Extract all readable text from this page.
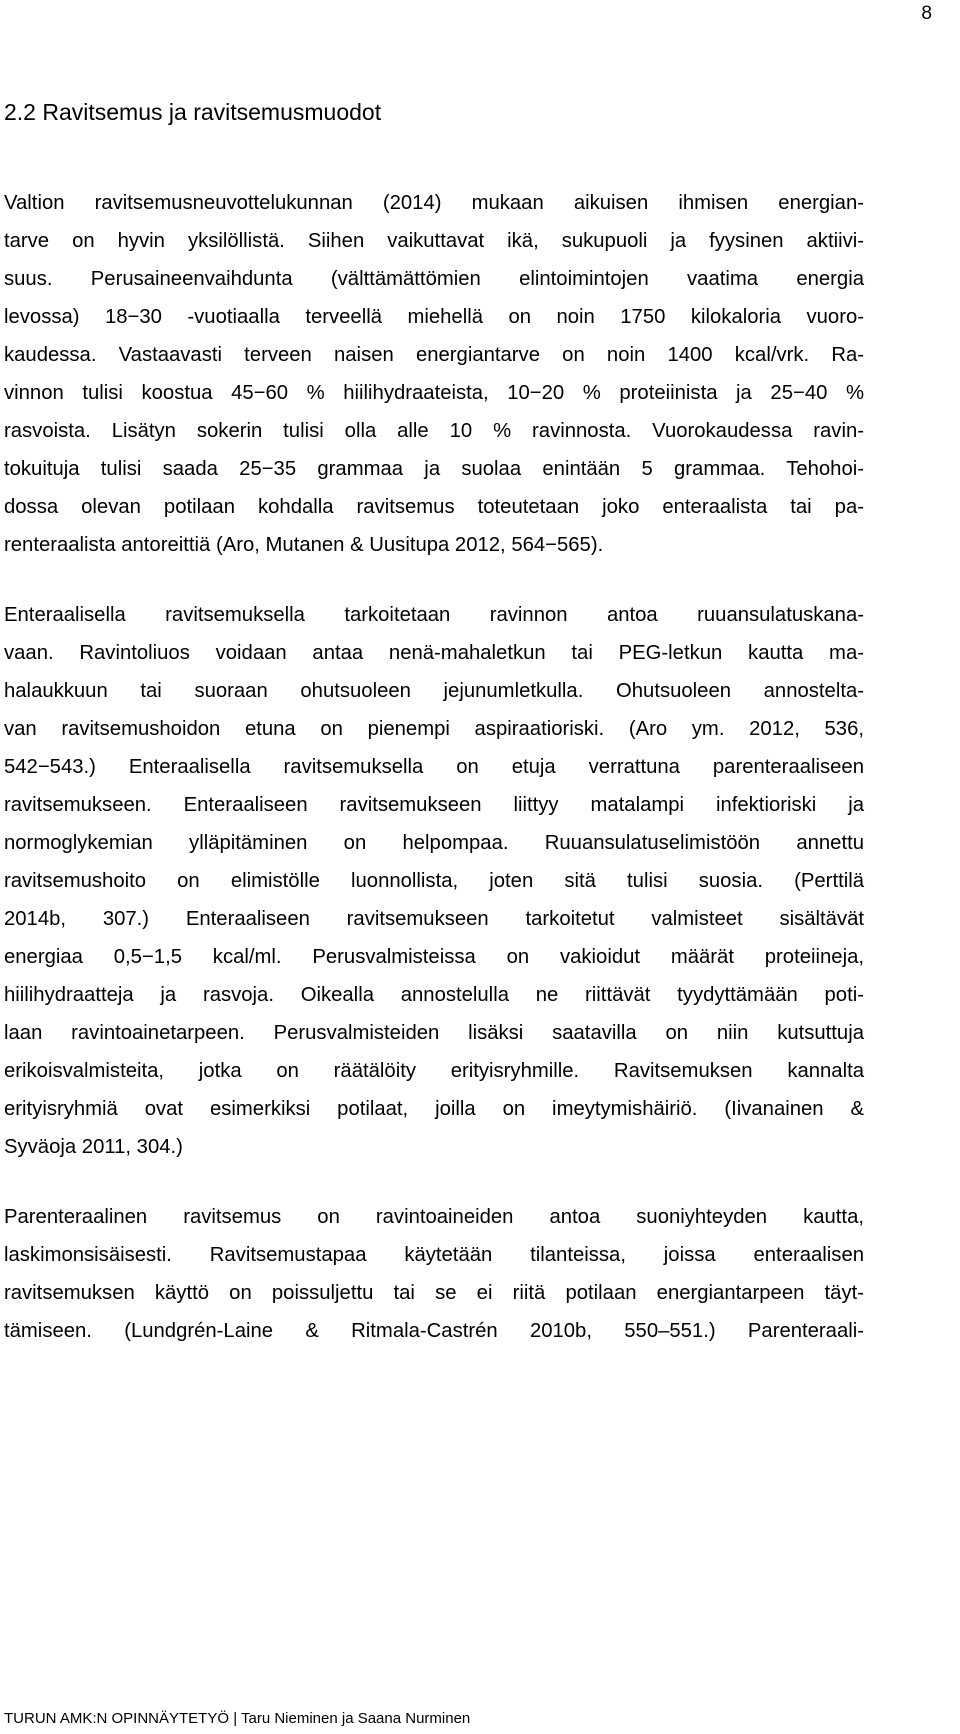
8
2.2 Ravitsemus ja ravitsemusmuodot
Valtion ravitsemusneuvottelukunnan (2014) mukaan aikuisen ihmisen energian-
tarve on hyvin yksilöllistä. Siihen vaikuttavat ikä, sukupuoli ja fyysinen aktiivi-
suus. Perusaineenvaihdunta (välttämättömien elintoimintojen vaatima energia
levossa) 18−30 -vuotiaalla terveellä miehellä on noin 1750 kilokaloria vuoro-
kaudessa. Vastaavasti terveen naisen energiantarve on noin 1400 kcal/vrk. Ra-
vinnon tulisi koostua 45−60 % hiilihydraateista, 10−20 % proteiinista ja 25−40 %
rasvoista. Lisätyn sokerin tulisi olla alle 10 % ravinnosta. Vuorokaudessa ravin-
tokuituja tulisi saada 25−35 grammaa ja suolaa enintään 5 grammaa. Tehohoi-
dossa olevan potilaan kohdalla ravitsemus toteutetaan joko enteraalista tai pa-
renteraalista antoreittiä (Aro, Mutanen & Uusitupa 2012, 564−565).
Enteraalisella ravitsemuksella tarkoitetaan ravinnon antoa ruuansulatuskana-
vaan. Ravintoliuos voidaan antaa nenä-mahaletkun tai PEG-letkun kautta ma-
halaukkuun tai suoraan ohutsuoleen jejunumletkulla. Ohutsuoleen annostelta-
van ravitsemushoidon etuna on pienempi aspiraatioriski. (Aro ym. 2012, 536,
542−543.) Enteraalisella ravitsemuksella on etuja verrattuna parenteraaliseen
ravitsemukseen. Enteraaliseen ravitsemukseen liittyy matalampi infektioriski ja
normoglykemian ylläpitäminen on helpompaa. Ruuansulatuselimistöön annettu
ravitsemushoito on elimistölle luonnollista, joten sitä tulisi suosia. (Perttilä
2014b, 307.) Enteraaliseen ravitsemukseen tarkoitetut valmisteet sisältävät
energiaa 0,5−1,5 kcal/ml. Perusvalmisteissa on vakioidut määrät proteiineja,
hiilihydraatteja ja rasvoja. Oikealla annostelulla ne riittävät tyydyttämään poti-
laan ravintoainetarpeen. Perusvalmisteiden lisäksi saatavilla on niin kutsuttuja
erikoisvalmisteita, jotka on räätälöity erityisryhmille. Ravitsemuksen kannalta
erityisryhmiä ovat esimerkiksi potilaat, joilla on imeytymishäiriö. (Iivanainen &
Syväoja 2011, 304.)
Parenteraalinen ravitsemus on ravintoaineiden antoa suoniyhteyden kautta,
laskimonsisäisesti. Ravitsemustapaa käytetään tilanteissa, joissa enteraalisen
ravitsemuksen käyttö on poissuljettu tai se ei riitä potilaan energiantarpeen täyt-
tämiseen. (Lundgrén-Laine & Ritmala-Castrén 2010b, 550–551.) Parenteraali-
TURUN AMK:N OPINNÄYTETYÖ | Taru Nieminen ja Saana Nurminen
